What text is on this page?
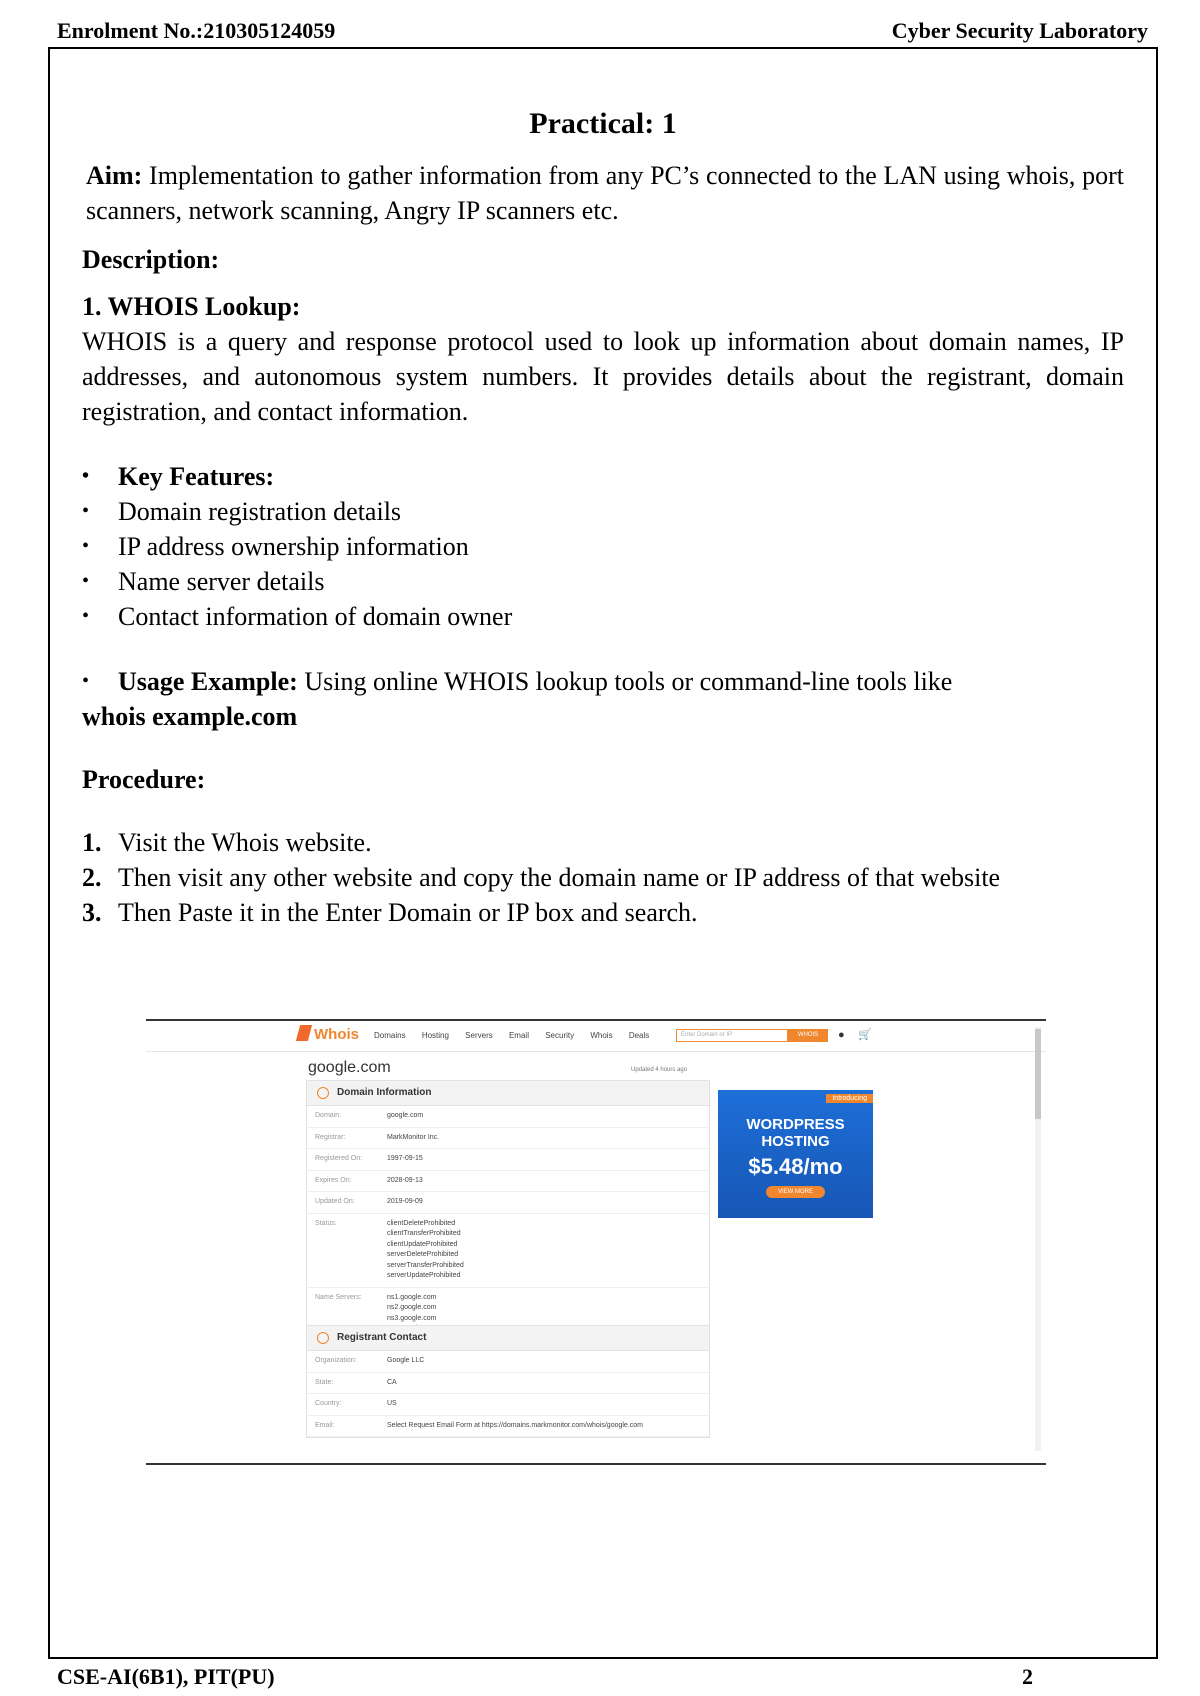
Enrolment No.:210305124059	Cyber Security Laboratory
Practical: 1

Aim: Implementation to gather information from any PC’s connected to the LAN using whois, port scanners, network scanning, Angry IP scanners etc.

Description:
1. WHOIS Lookup:

WHOIS is a query and response protocol used to look up information about domain names, IP addresses, and autonomous system numbers. It provides details about the registrant, domain registration, and contact information.

• Key Features:
• Domain registration details
• IP address ownership information
• Name server details
• Contact information of domain owner
• Usage Example: Using online WHOIS lookup tools or command-line tools like
whois example.com
Procedure:
1. Visit the Whois website.
2. Then visit any other website and copy the domain name or IP address of that website
3. Then Paste it in the Enter Domain or IP box and search.
Whois Domains Hosting Servers Email Security Whois Deals	Enter Domain or IP	WHOIS	● 🛒
google.com	Updated 4 hours ago
Domain Information
Domain:	google.com
Registrar:	MarkMonitor Inc.
Registered On:	1997-09-15
Expires On:	2028-09-13
Updated On:	2019-09-09
Status:	clientDeleteProhibited
clientTransferProhibited
clientUpdateProhibited
serverDeleteProhibited
serverTransferProhibited
serverUpdateProhibited
Name Servers:	ns1.google.com
ns2.google.com
ns3.google.com

Registrant Contact
Organization:	Google LLC
State:	CA
Country:	US
Email:	Select Request Email Form at https://domains.markmonitor.com/whois/google.com
Introducing
WORDPRESS HOSTING
$5.48/mo
VIEW MORE
CSE-AI(6B1), PIT(PU)	2
